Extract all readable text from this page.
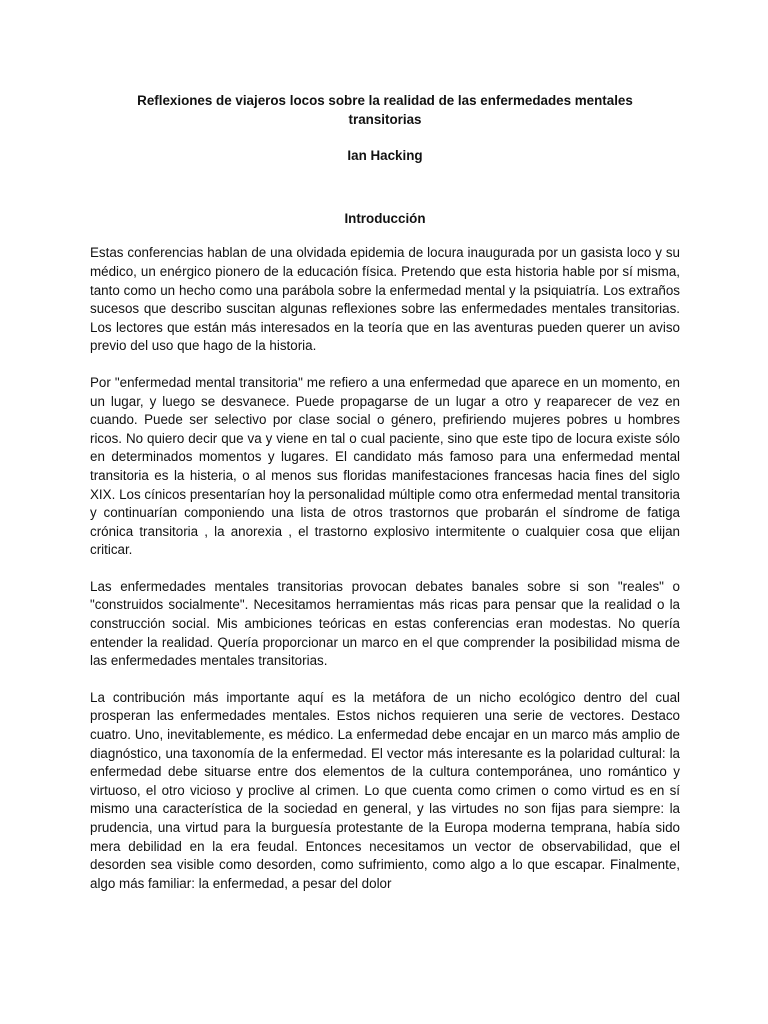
Reflexiones de viajeros locos sobre la realidad de las enfermedades mentales transitorias
Ian Hacking
Introducción

Estas conferencias hablan de una olvidada epidemia de locura inaugurada por un gasista loco y su médico, un enérgico pionero de la educación física. Pretendo que esta historia hable por sí misma, tanto como un hecho como una parábola sobre la enfermedad mental y la psiquiatría. Los extraños sucesos que describo suscitan algunas reflexiones sobre las enfermedades mentales transitorias. Los lectores que están más interesados en la teoría que en las aventuras pueden querer un aviso previo del uso que hago de la historia.

Por "enfermedad mental transitoria" me refiero a una enfermedad que aparece en un momento, en un lugar, y luego se desvanece. Puede propagarse de un lugar a otro y reaparecer de vez en cuando. Puede ser selectivo por clase social o género, prefiriendo mujeres pobres u hombres ricos. No quiero decir que va y viene en tal o cual paciente, sino que este tipo de locura existe sólo en determinados momentos y lugares. El candidato más famoso para una enfermedad mental transitoria es la histeria, o al menos sus floridas manifestaciones francesas hacia fines del siglo XIX. Los cínicos presentarían hoy la personalidad múltiple como otra enfermedad mental transitoria y continuarían componiendo una lista de otros trastornos que probarán el síndrome de fatiga crónica transitoria , la anorexia , el trastorno explosivo intermitente o cualquier cosa que elijan criticar.

Las enfermedades mentales transitorias provocan debates banales sobre si son "reales" o "construidos socialmente". Necesitamos herramientas más ricas para pensar que la realidad o la construcción social. Mis ambiciones teóricas en estas conferencias eran modestas. No quería entender la realidad. Quería proporcionar un marco en el que comprender la posibilidad misma de las enfermedades mentales transitorias.

La contribución más importante aquí es la metáfora de un nicho ecológico dentro del cual prosperan las enfermedades mentales. Estos nichos requieren una serie de vectores. Destaco cuatro. Uno, inevitablemente, es médico. La enfermedad debe encajar en un marco más amplio de diagnóstico, una taxonomía de la enfermedad. El vector más interesante es la polaridad cultural: la enfermedad debe situarse entre dos elementos de la cultura contemporánea, uno romántico y virtuoso, el otro vicioso y proclive al crimen. Lo que cuenta como crimen o como virtud es en sí mismo una característica de la sociedad en general, y las virtudes no son fijas para siempre: la prudencia, una virtud para la burguesía protestante de la Europa moderna temprana, había sido mera debilidad en la era feudal. Entonces necesitamos un vector de observabilidad, que el desorden sea visible como desorden, como sufrimiento, como algo a lo que escapar. Finalmente, algo más familiar: la enfermedad, a pesar del dolor
